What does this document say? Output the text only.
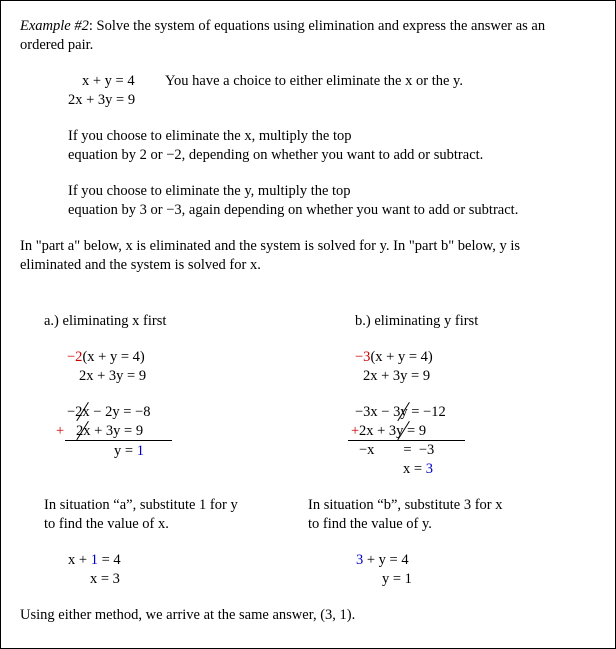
Example #2: Solve the system of equations using elimination and express the answer as an
ordered pair.
x + y = 4
2x + 3y = 9
You have a choice to either eliminate the x or the y.
If you choose to eliminate the x, multiply the top
equation by 2 or −2, depending on whether you want to add or subtract.
If you choose to eliminate the y, multiply the top
equation by 3 or −3, again depending on whether you want to add or subtract.
In "part a" below, x is eliminated and the system is solved for y. In "part b" below, y is
eliminated and the system is solved for x.
a.) eliminating x first
−2(x + y = 4)
2x + 3y = 9
−2x − 2y = −8
+ 2x + 3y = 9
y = 1
In situation “a”, substitute 1 for y
to find the value of x.
x + 1 = 4
x = 3
b.) eliminating y first
−3(x + y = 4)
2x + 3y = 9
−3x − 3y = −12
+ 2x + 3y = 9
−x        =  −3
x = 3
In situation “b”, substitute 3 for x
to find the value of y.
3 + y = 4
y = 1
Using either method, we arrive at the same answer, (3, 1).
